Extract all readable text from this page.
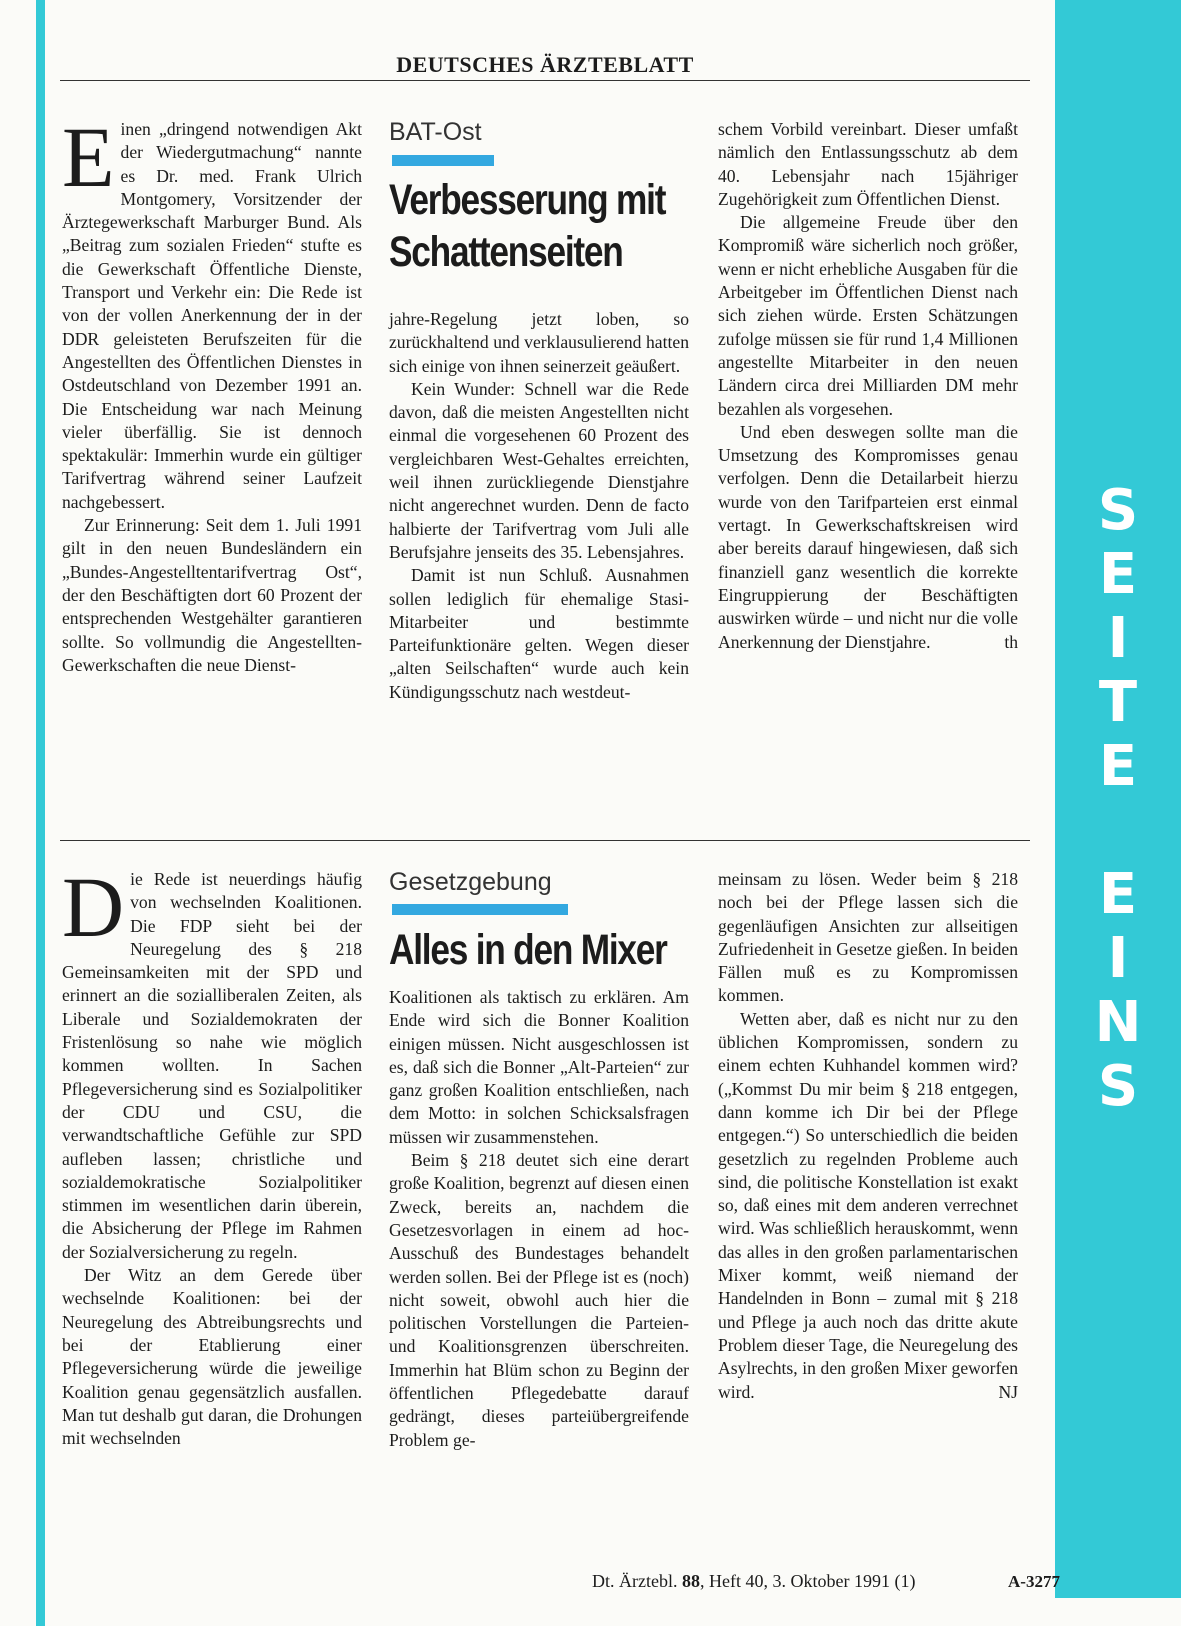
S
E
I
T
E
E
I
N
S
DEUTSCHES ÄRZTEBLATT
E inen „dringend notwendigen Akt der Wiedergutmachung“ nannte es Dr. med. Frank Ulrich Montgomery, Vorsitzender der Ärztegewerkschaft Marburger Bund. Als „Beitrag zum sozialen Frieden“ stufte es die Gewerkschaft Öffentliche Dienste, Transport und Verkehr ein: Die Rede ist von der vollen Anerkennung der in der DDR geleisteten Berufszeiten für die Angestellten des Öffentlichen Dienstes in Ostdeutschland von Dezember 1991 an. Die Entscheidung war nach Meinung vieler überfällig. Sie ist dennoch spektakulär: Immerhin wurde ein gültiger Tarifvertrag während seiner Laufzeit nachgebessert.

Zur Erinnerung: Seit dem 1. Juli 1991 gilt in den neuen Bundesländern ein „Bundes-Angestelltentarifvertrag Ost“, der den Beschäftigten dort 60 Prozent der entsprechenden Westgehälter garantieren sollte. So vollmundig die Angestellten-Gewerkschaften die neue Dienst-

BAT-Ost
Verbesserung mit
Schattenseiten

jahre-Regelung jetzt loben, so zurückhaltend und verklausulierend hatten sich einige von ihnen seinerzeit geäußert.

Kein Wunder: Schnell war die Rede davon, daß die meisten Angestellten nicht einmal die vorgesehenen 60 Prozent des vergleichbaren West-Gehaltes erreichten, weil ihnen zurückliegende Dienstjahre nicht angerechnet wurden. Denn de facto halbierte der Tarifvertrag vom Juli alle Berufsjahre jenseits des 35. Lebensjahres.

Damit ist nun Schluß. Ausnahmen sollen lediglich für ehemalige Stasi-Mitarbeiter und bestimmte Parteifunktionäre gelten. Wegen dieser „alten Seilschaften“ wurde auch kein Kündigungsschutz nach westdeut-

schem Vorbild vereinbart. Dieser umfaßt nämlich den Entlassungsschutz ab dem 40. Lebensjahr nach 15jähriger Zugehörigkeit zum Öffentlichen Dienst.

Die allgemeine Freude über den Kompromiß wäre sicherlich noch größer, wenn er nicht erhebliche Ausgaben für die Arbeitgeber im Öffentlichen Dienst nach sich ziehen würde. Ersten Schätzungen zufolge müssen sie für rund 1,4 Millionen angestellte Mitarbeiter in den neuen Ländern circa drei Milliarden DM mehr bezahlen als vorgesehen.

Und eben deswegen sollte man die Umsetzung des Kompromisses genau verfolgen. Denn die Detailarbeit hierzu wurde von den Tarifparteien erst einmal vertagt. In Gewerkschaftskreisen wird aber bereits darauf hingewiesen, daß sich finanziell ganz wesentlich die korrekte Eingruppierung der Beschäftigten auswirken würde – und nicht nur die volle Anerkennung der Dienstjahre.	th

D ie Rede ist neuerdings häufig von wechselnden Koalitionen. Die FDP sieht bei der Neuregelung des § 218 Gemeinsamkeiten mit der SPD und erinnert an die sozialliberalen Zeiten, als Liberale und Sozialdemokraten der Fristenlösung so nahe wie möglich kommen wollten. In Sachen Pflegeversicherung sind es Sozialpolitiker der CDU und CSU, die verwandtschaftliche Gefühle zur SPD aufleben lassen; christliche und sozialdemokratische Sozialpolitiker stimmen im wesentlichen darin überein, die Absicherung der Pflege im Rahmen der Sozialversicherung zu regeln.

Der Witz an dem Gerede über wechselnde Koalitionen: bei der Neuregelung des Abtreibungsrechts und bei der Etablierung einer Pflegeversicherung würde die jeweilige Koalition genau gegensätzlich ausfallen. Man tut deshalb gut daran, die Drohungen mit wechselnden

Gesetzgebung
Alles in den Mixer

Koalitionen als taktisch zu erklären. Am Ende wird sich die Bonner Koalition einigen müssen. Nicht ausgeschlossen ist es, daß sich die Bonner „Alt-Parteien“ zur ganz großen Koalition entschließen, nach dem Motto: in solchen Schicksalsfragen müssen wir zusammenstehen.

Beim § 218 deutet sich eine derart große Koalition, begrenzt auf diesen einen Zweck, bereits an, nachdem die Gesetzesvorlagen in einem ad hoc-Ausschuß des Bundestages behandelt werden sollen. Bei der Pflege ist es (noch) nicht soweit, obwohl auch hier die politischen Vorstellungen die Parteien- und Koalitionsgrenzen überschreiten. Immerhin hat Blüm schon zu Beginn der öffentlichen Pflegedebatte darauf gedrängt, dieses parteiübergreifende Problem ge-

meinsam zu lösen. Weder beim § 218 noch bei der Pflege lassen sich die gegenläufigen Ansichten zur allseitigen Zufriedenheit in Gesetze gießen. In beiden Fällen muß es zu Kompromissen kommen.

Wetten aber, daß es nicht nur zu den üblichen Kompromissen, sondern zu einem echten Kuhhandel kommen wird? („Kommst Du mir beim § 218 entgegen, dann komme ich Dir bei der Pflege entgegen.“) So unterschiedlich die beiden gesetzlich zu regelnden Probleme auch sind, die politische Konstellation ist exakt so, daß eines mit dem anderen verrechnet wird. Was schließlich herauskommt, wenn das alles in den großen parlamentarischen Mixer kommt, weiß niemand der Handelnden in Bonn – zumal mit § 218 und Pflege ja auch noch das dritte akute Problem dieser Tage, die Neuregelung des Asylrechts, in den großen Mixer geworfen wird.	NJ

Dt. Ärztebl. 88, Heft 40, 3. Oktober 1991 (1)	A-3277
